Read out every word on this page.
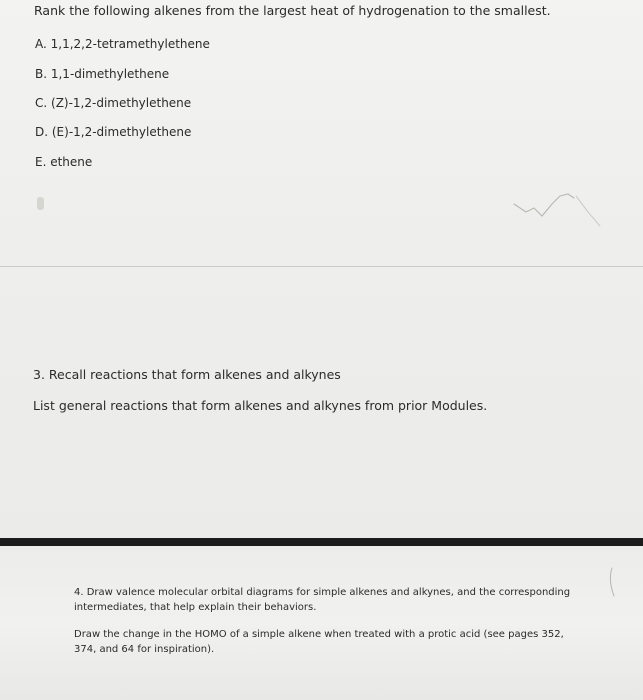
Rank the following alkenes from the largest heat of hydrogenation to the smallest.
A. 1,1,2,2-tetramethylethene
B. 1,1-dimethylethene
C. (Z)-1,2-dimethylethene
D. (E)-1,2-dimethylethene
E. ethene
3. Recall reactions that form alkenes and alkynes
List general reactions that form alkenes and alkynes from prior Modules.
4. Draw valence molecular orbital diagrams for simple alkenes and alkynes, and the corresponding intermediates, that help explain their behaviors.
Draw the change in the HOMO of a simple alkene when treated with a protic acid (see pages 352, 374, and 64 for inspiration).
